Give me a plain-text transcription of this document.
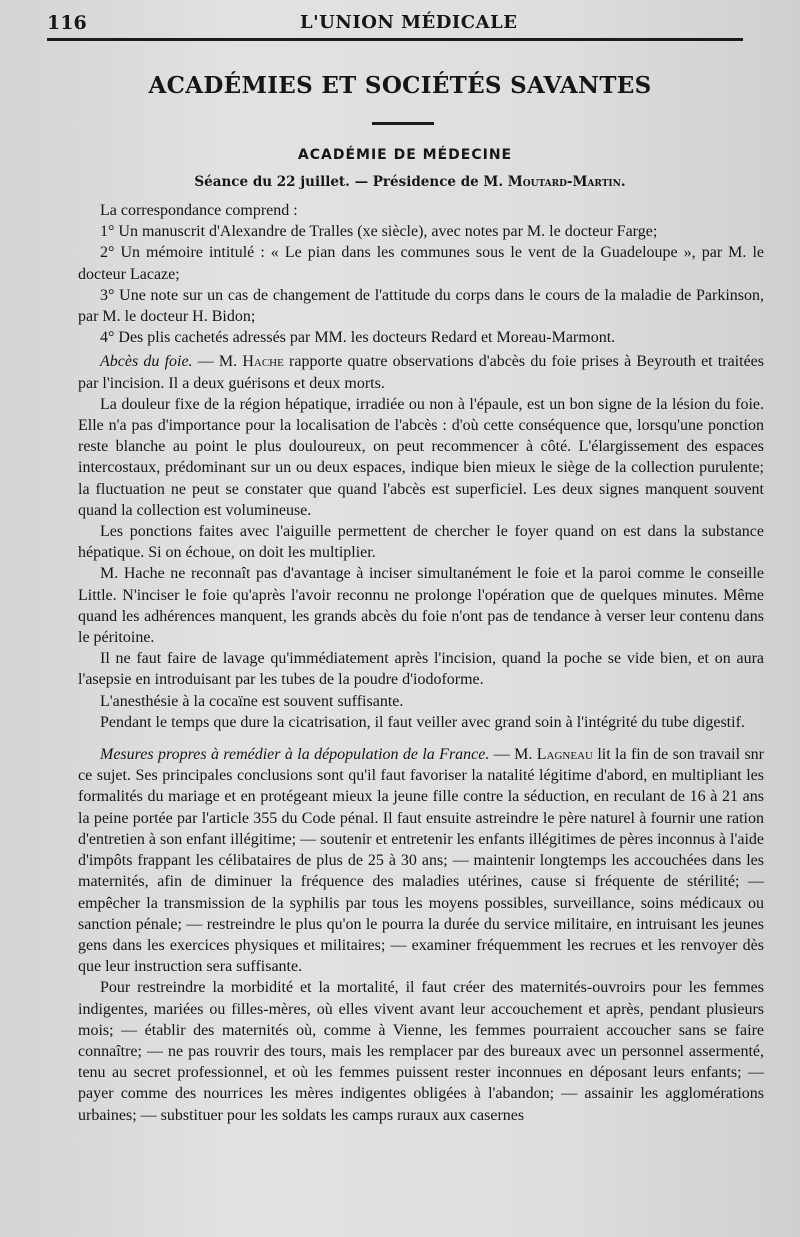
116	L'UNION MÉDICALE
ACADÉMIES ET SOCIÉTÉS SAVANTES
ACADÉMIE DE MÉDECINE
Séance du 22 juillet. — Présidence de M. Moutard-Martin.

La correspondance comprend :

1° Un manuscrit d'Alexandre de Tralles (xe siècle), avec notes par M. le docteur Farge;

2° Un mémoire intitulé : « Le pian dans les communes sous le vent de la Guadeloupe », par M. le docteur Lacaze;

3° Une note sur un cas de changement de l'attitude du corps dans le cours de la maladie de Parkinson, par M. le docteur H. Bidon;

4° Des plis cachetés adressés par MM. les docteurs Redard et Moreau-Marmont.

Abcès du foie. — M. Hache rapporte quatre observations d'abcès du foie prises à Beyrouth et traitées par l'incision. Il a deux guérisons et deux morts.

La douleur fixe de la région hépatique, irradiée ou non à l'épaule, est un bon signe de la lésion du foie. Elle n'a pas d'importance pour la localisation de l'abcès : d'où cette conséquence que, lorsqu'une ponction reste blanche au point le plus douloureux, on peut recommencer à côté. L'élargissement des espaces intercostaux, prédominant sur un ou deux espaces, indique bien mieux le siège de la collection purulente; la fluctuation ne peut se constater que quand l'abcès est superficiel. Les deux signes manquent souvent quand la collection est volumineuse.

Les ponctions faites avec l'aiguille permettent de chercher le foyer quand on est dans la substance hépatique. Si on échoue, on doit les multiplier.

M. Hache ne reconnaît pas d'avantage à inciser simultanément le foie et la paroi comme le conseille Little. N'inciser le foie qu'après l'avoir reconnu ne prolonge l'opération que de quelques minutes. Même quand les adhérences manquent, les grands abcès du foie n'ont pas de tendance à verser leur contenu dans le péritoine.

Il ne faut faire de lavage qu'immédiatement après l'incision, quand la poche se vide bien, et on aura l'asepsie en introduisant par les tubes de la poudre d'iodoforme.

L'anesthésie à la cocaïne est souvent suffisante.

Pendant le temps que dure la cicatrisation, il faut veiller avec grand soin à l'intégrité du tube digestif.

Mesures propres à remédier à la dépopulation de la France. — M. Lagneau lit la fin de son travail snr ce sujet. Ses principales conclusions sont qu'il faut favoriser la natalité légitime d'abord, en multipliant les formalités du mariage et en protégeant mieux la jeune fille contre la séduction, en reculant de 16 à 21 ans la peine portée par l'article 355 du Code pénal. Il faut ensuite astreindre le père naturel à fournir une ration d'entretien à son enfant illégitime; — soutenir et entretenir les enfants illégitimes de pères inconnus à l'aide d'impôts frappant les célibataires de plus de 25 à 30 ans; — maintenir longtemps les accouchées dans les maternités, afin de diminuer la fréquence des maladies utérines, cause si fréquente de stérilité; — empêcher la transmission de la syphilis par tous les moyens possibles, surveillance, soins médicaux ou sanction pénale; — restreindre le plus qu'on le pourra la durée du service militaire, en intruisant les jeunes gens dans les exercices physiques et militaires; — examiner fréquemment les recrues et les renvoyer dès que leur instruction sera suffisante.

Pour restreindre la morbidité et la mortalité, il faut créer des maternités-ouvroirs pour les femmes indigentes, mariées ou filles-mères, où elles vivent avant leur accouchement et après, pendant plusieurs mois; — établir des maternités où, comme à Vienne, les femmes pourraient accoucher sans se faire connaître; — ne pas rouvrir des tours, mais les remplacer par des bureaux avec un personnel assermenté, tenu au secret professionnel, et où les femmes puissent rester inconnues en déposant leurs enfants; — payer comme des nourrices les mères indigentes obligées à l'abandon; — assainir les agglomérations urbaines; — substituer pour les soldats les camps ruraux aux casernes
